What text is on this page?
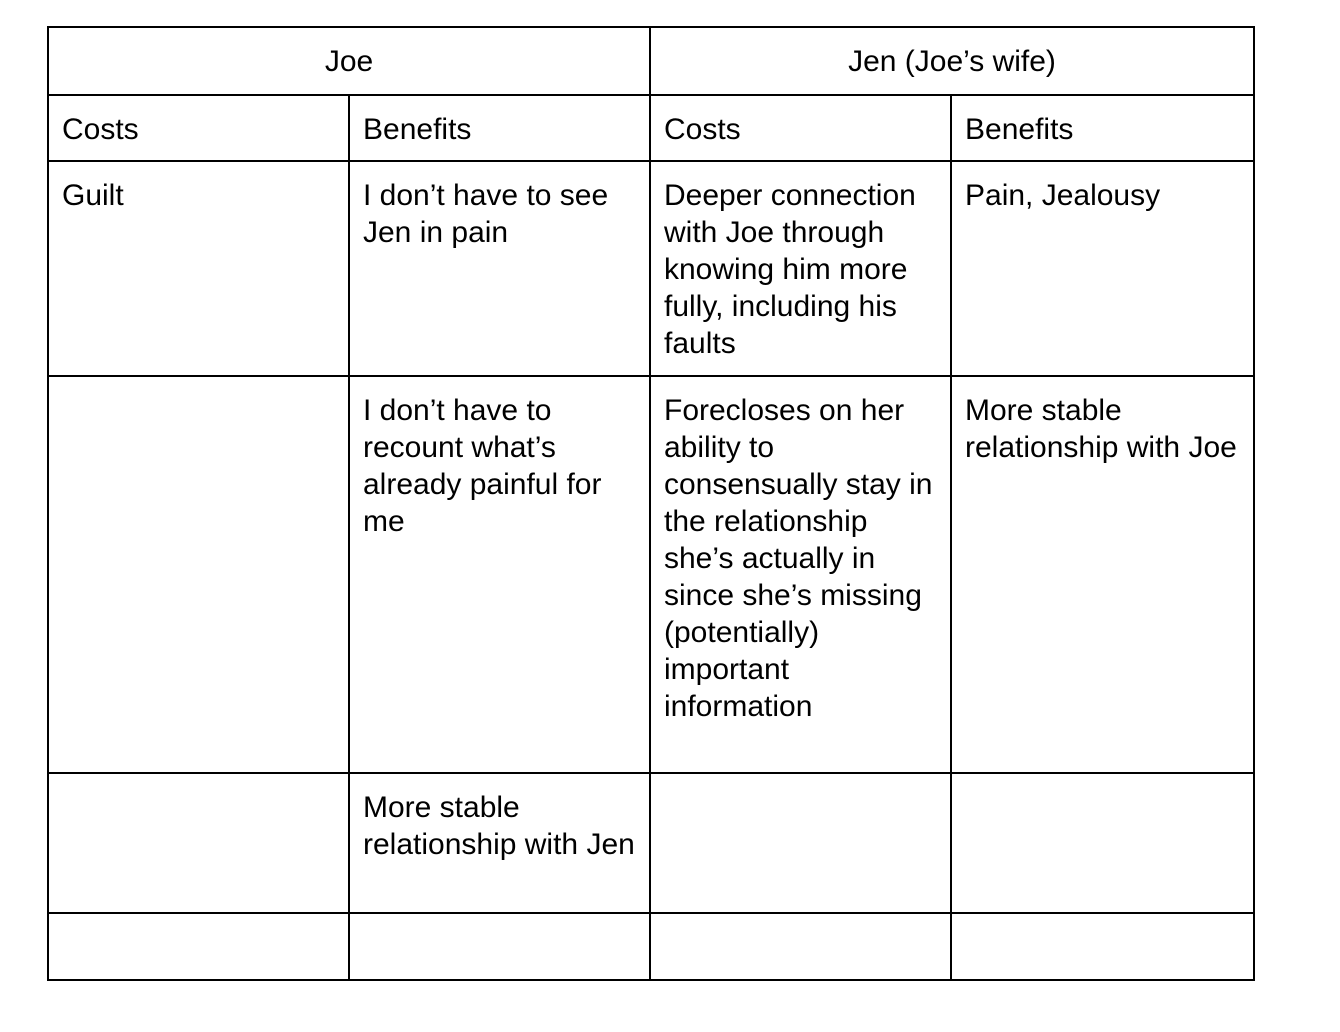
Joe		Jen (Joe’s wife)	

Costs	Benefits	Costs	Benefits

Guilt	I don’t have to see Jen in pain	Deeper connection with Joe through knowing him more fully, including his faults	Pain, Jealousy

	I don’t have to recount what’s already painful for me	Forecloses on her ability to consensually stay in the relationship she’s actually in since she’s missing (potentially) important information	More stable relationship with Joe

	More stable relationship with Jen		
